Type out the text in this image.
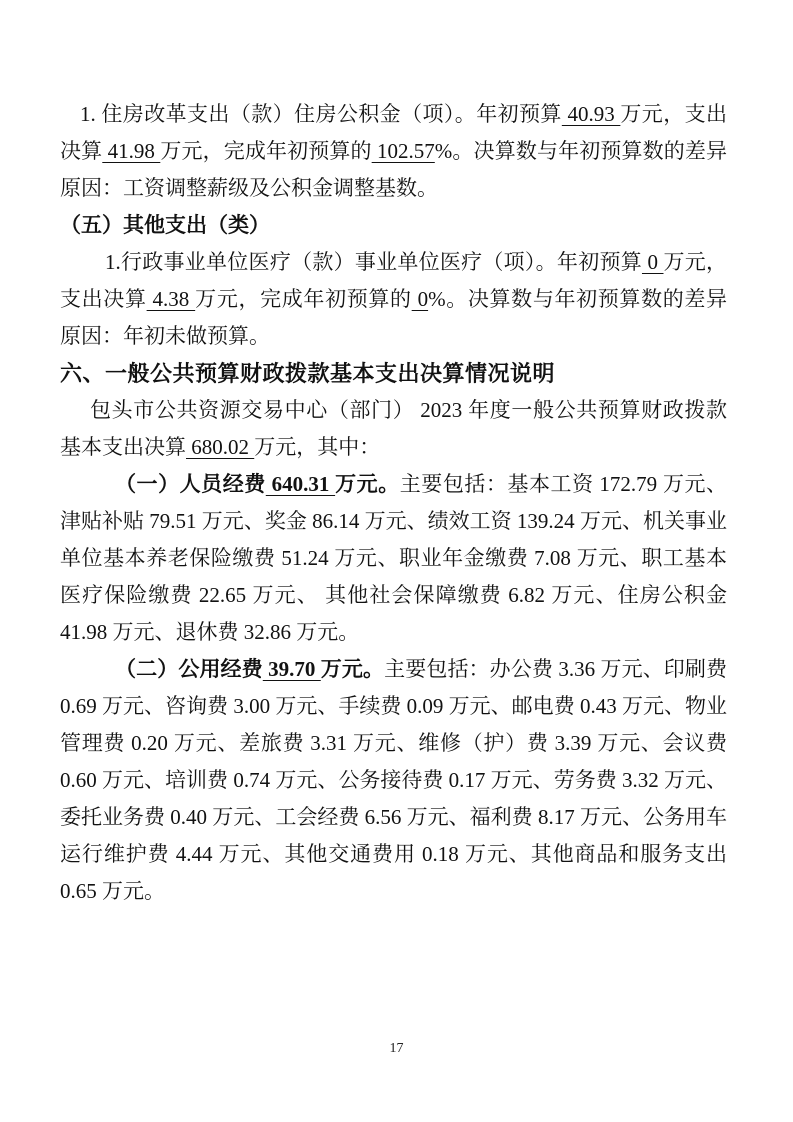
1. 住房改革支出（款）住房公积金（项）。年初预算 40.93 万元，支出决算 41.98 万元，完成年初预算的 102.57%。决算数与年初预算数的差异原因：工资调整薪级及公积金调整基数。

（五）其他支出（类）

1.行政事业单位医疗（款）事业单位医疗（项）。年初预算 0 万元，支出决算 4.38 万元，完成年初预算的 0%。决算数与年初预算数的差异原因：年初未做预算。

六、一般公共预算财政拨款基本支出决算情况说明

包头市公共资源交易中心（部门） 2023 年度一般公共预算财政拨款基本支出决算 680.02 万元，其中：

（一）人员经费 640.31 万元。主要包括：基本工资 172.79 万元、津贴补贴 79.51 万元、奖金 86.14 万元、绩效工资 139.24 万元、机关事业单位基本养老保险缴费 51.24 万元、职业年金缴费 7.08 万元、职工基本医疗保险缴费 22.65 万元、 其他社会保障缴费 6.82 万元、住房公积金 41.98 万元、退休费 32.86 万元。

（二）公用经费 39.70 万元。主要包括：办公费 3.36 万元、印刷费 0.69 万元、咨询费 3.00 万元、手续费 0.09 万元、邮电费 0.43 万元、物业管理费 0.20 万元、差旅费 3.31 万元、维修（护）费 3.39 万元、会议费 0.60 万元、培训费 0.74 万元、公务接待费 0.17 万元、劳务费 3.32 万元、委托业务费 0.40 万元、工会经费 6.56 万元、福利费 8.17 万元、公务用车运行维护费 4.44 万元、其他交通费用 0.18 万元、其他商品和服务支出 0.65 万元。

17
